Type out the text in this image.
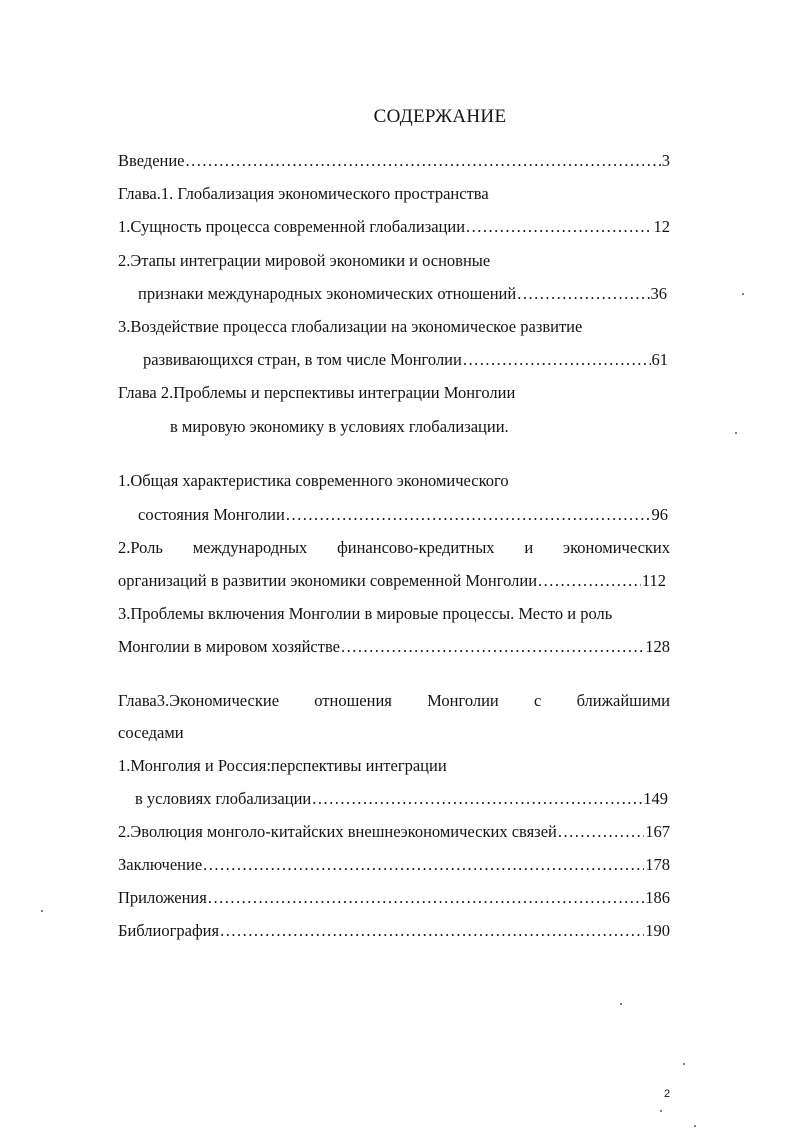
СОДЕРЖАНИЕ
Введение .....	3
Глава.1. Глобализация экономического пространства
1.Сущность процесса современной глобализации .....	12
2.Этапы интеграции мировой экономики и основные
признаки международных экономических отношений .....	36
3.Воздействие процесса глобализации на экономическое развитие
развивающихся стран, в том числе Монголии .....	61
Глава 2.Проблемы и перспективы интеграции Монголии
в мировую экономику в условиях глобализации.
1.Общая характеристика современного экономического
состояния Монголии .....	96
2.Роль международных финансово-кредитных и экономических
организаций в развитии экономики современной Монголии .....	112
3.Проблемы включения Монголии в мировые процессы. Место и роль
Монголии в мировом хозяйстве .....	128
Глава3.Экономические отношения Монголии с ближайшими
соседами
1.Монголия и Россия:перспективы интеграции
в условиях глобализации .....	149
2.Эволюция монголо-китайских внешнеэкономических связей .....	167
Заключение .....	178
Приложения .....	186
Библиография .....	190
2
